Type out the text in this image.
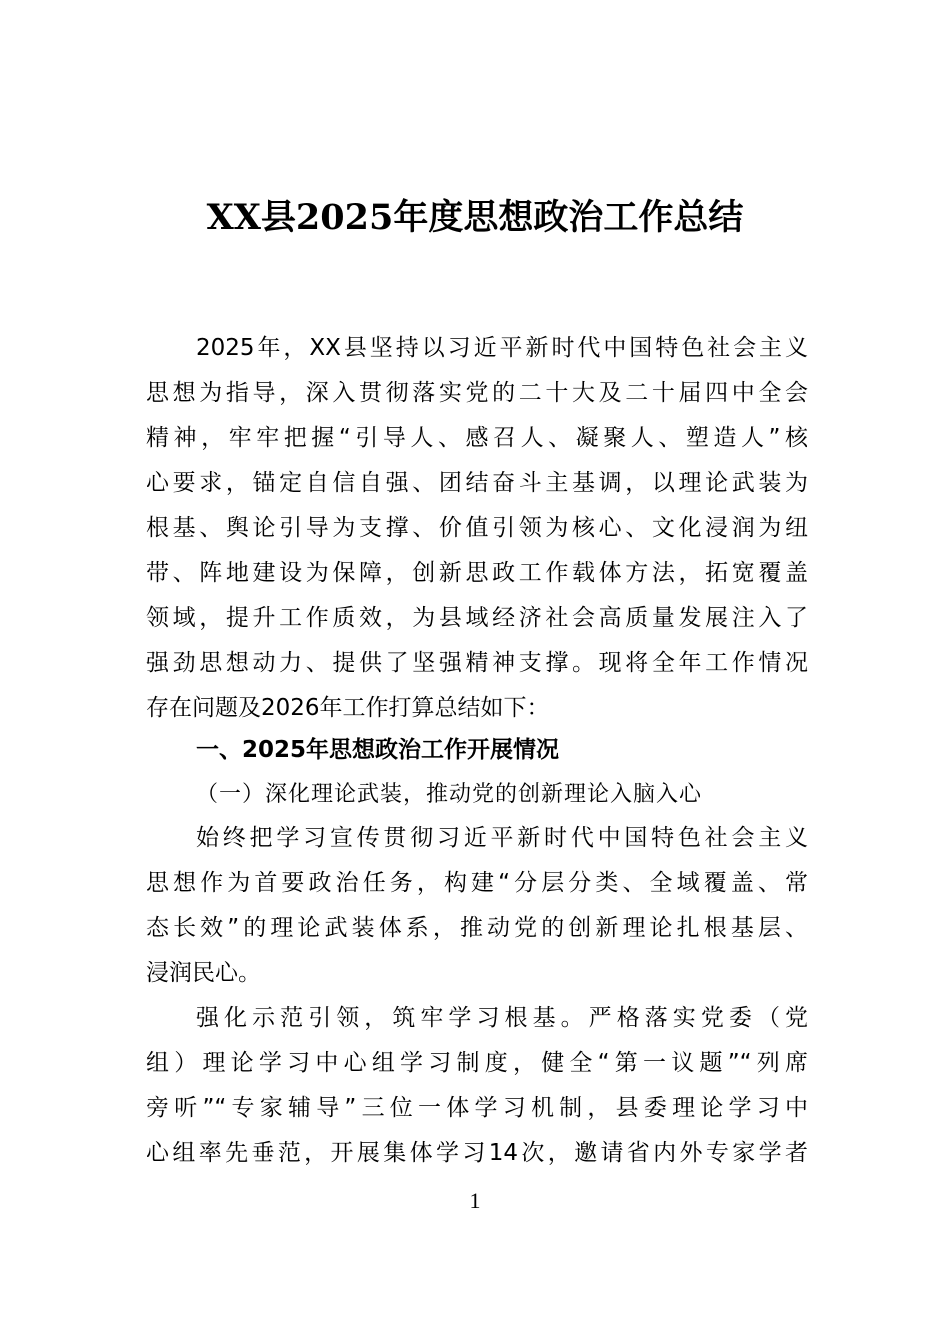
XX县2025年度思想政治工作总结
2​0​2​5​年​，​X​X​县​坚​持​以​习​近​平​新​时​代​中​国​特​色​社​会​主​义
思​想​为​指​导​，​深​入​贯​彻​落​实​党​的​二​十​大​及​二​十​届​四​中​全​会
精​神​，​牢​牢​把​握​“​引​导​人​、​感​召​人​、​凝​聚​人​、​塑​造​人​”​核
心​要​求​，​锚​定​自​信​自​强​、​团​结​奋​斗​主​基​调​，​以​理​论​武​装​为
根​基​、​舆​论​引​导​为​支​撑​、​价​值​引​领​为​核​心​、​文​化​浸​润​为​纽
带​、​阵​地​建​设​为​保​障​，​创​新​思​政​工​作​载​体​方​法​，​拓​宽​覆​盖
领​域​，​提​升​工​作​质​效​，​为​县​域​经​济​社​会​高​质​量​发​展​注​入​了
强​劲​思​想​动​力​、​提​供​了​坚​强​精​神​支​撑​。​现​将​全​年​工​作​情​况
存在问题及2026年工作打算总结如下：
一、2025年思想政治工作开展情况
（一）深化理论武装，推动党的创新理论入脑入心
始​终​把​学​习​宣​传​贯​彻​习​近​平​新​时​代​中​国​特​色​社​会​主​义
思​想​作​为​首​要​政​治​任​务​，​构​建​“​分​层​分​类​、​全​域​覆​盖​、​常
态​长​效​”​的​理​论​武​装​体​系​，​推​动​党​的​创​新​理​论​扎​根​基​层​、
浸润民心。
强​化​示​范​引​领​，​筑​牢​学​习​根​基​。​严​格​落​实​党​委​（​党
组​）​理​论​学​习​中​心​组​学​习​制​度​，​健​全​“​第​一​议​题​”​“​列​席
旁​听​”​“​专​家​辅​导​”​三​位​一​体​学​习​机​制​，​县​委​理​论​学​习​中
心​组​率​先​垂​范​，​开​展​集​体​学​习​1​4​次​，​邀​请​省​内​外​专​家​学​者
1
